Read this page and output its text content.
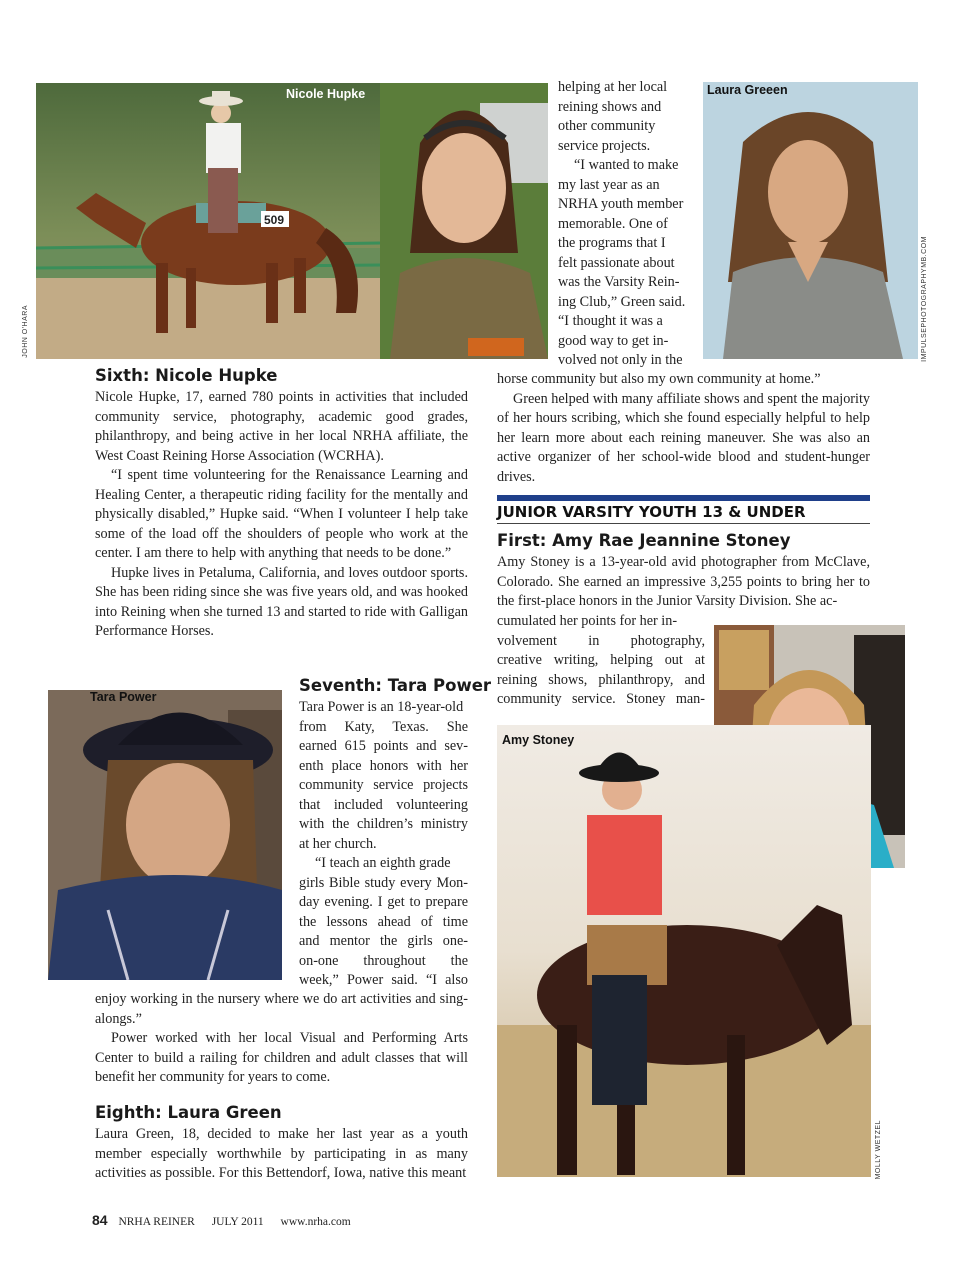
509
Nicole Hupke	Laura Greeen
Tara Power
Amy Stoney
JOHN O'HARA	IMPULSEPHOTOGRAPHYMB.COM
MOLLY WETZEL
helping at her local
reining shows and
other community
service projects.
“I wanted to make
my last year as an
NRHA youth member
memorable. One of
the programs that I
felt passionate about
was the Varsity Rein-
ing Club,” Green said.
“I thought it was a
good way to get in-
volved not only in the

horse community but also my own community at home.”

Green helped with many affiliate shows and spent the majority of her hours scribing, which she found especially helpful to help her learn more about each reining maneuver. She was also an active organizer of her school-wide blood and student-hunger drives.

JUNIOR VARSITY YOUTH 13 & UNDER
First: Amy Rae Jeannine Stoney

Amy Stoney is a 13-year-old avid photographer from McClave, Colorado. She earned an impressive 3,255 points to bring her to the first-place honors in the Junior Varsity Division. She ac-

cumulated her points for her in-
volvement in photography,
creative writing, helping out at
reining shows, philanthropy, and
community service. Stoney man-
Sixth: Nicole Hupke

Nicole Hupke, 17, earned 780 points in activities that included community service, photography, academic good grades, philanthropy, and being active in her local NRHA affiliate, the West Coast Reining Horse Association (WCRHA).

“I spent time volunteering for the Renaissance Learning and Healing Center, a therapeutic riding facility for the mentally and physically disabled,” Hupke said. “When I volunteer I help take some of the load off the shoulders of people who work at the center. I am there to help with anything that needs to be done.”

Hupke lives in Petaluma, California, and loves outdoor sports. She has been riding since she was five years old, and was hooked into Reining when she turned 13 and started to ride with Galligan Performance Horses.

Seventh: Tara Power
Tara Power is an 18-year-old
from Katy, Texas. She
earned 615 points and sev-
enth place honors with her
community service projects
that included volunteering
with the children’s ministry
at her church.
“I teach an eighth grade
girls Bible study every Mon-
day evening. I get to prepare
the lessons ahead of time
and mentor the girls one-
on-one throughout the
week,” Power said. “I also

enjoy working in the nursery where we do art activities and sing-alongs.”

Power worked with her local Visual and Performing Arts Center to build a railing for children and adult classes that will benefit her community for years to come.

Eighth: Laura Green

Laura Green, 18, decided to make her last year as a youth member especially worthwhile by participating in as many activities as possible. For this Bettendorf, Iowa, native this meant

84 NRHA REINER JULY 2011 www.nrha.com
